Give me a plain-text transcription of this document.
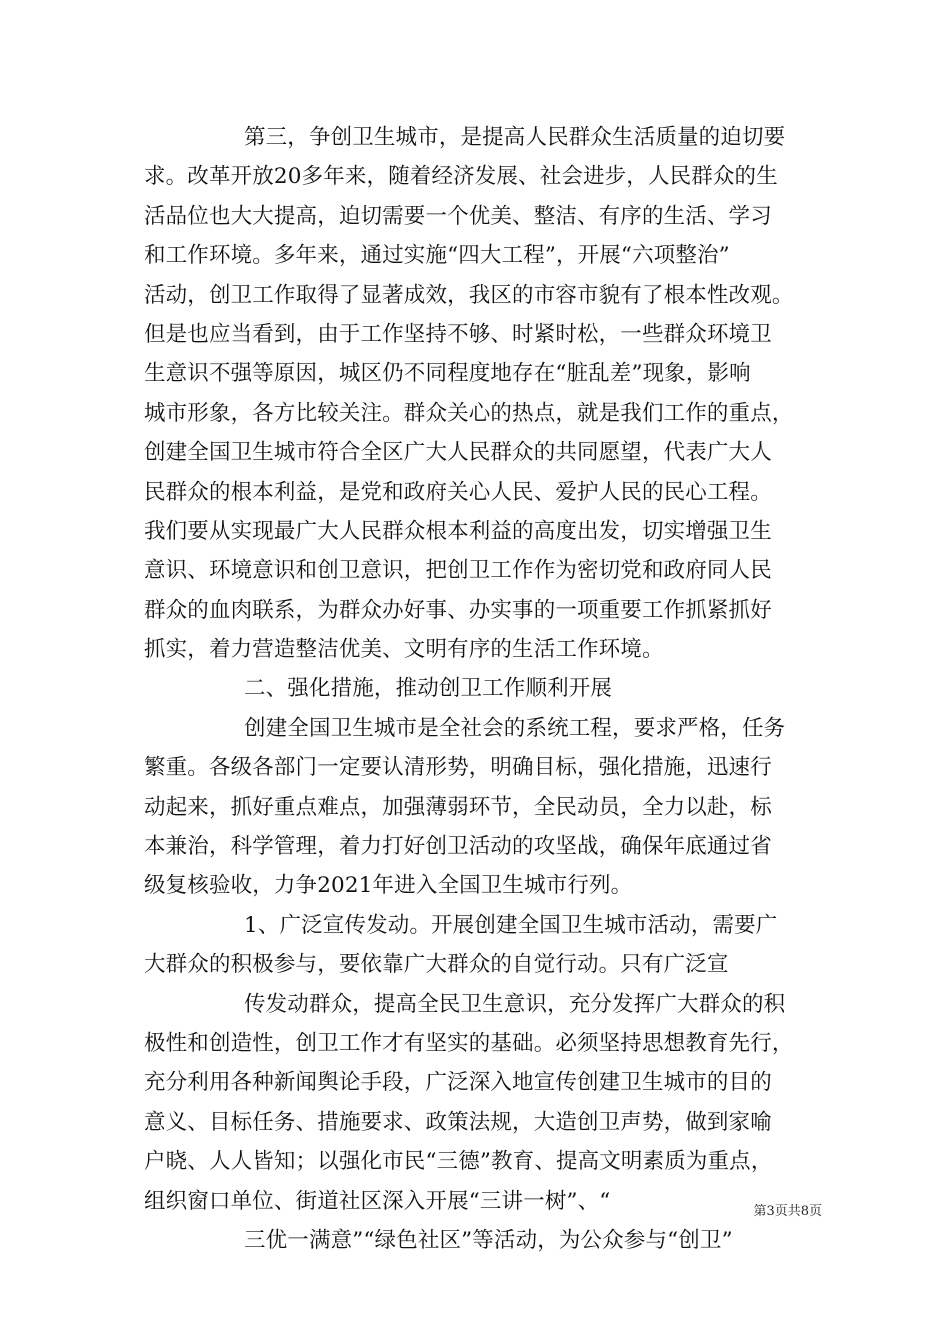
第三，争创卫生城市，是提高人民群众生活质量的迫切要
求。改革开放20多年来，随着经济发展、社会进步，人民群众的生
活品位也大大提高，迫切需要一个优美、整洁、有序的生活、学习
和工作环境。多年来，通过实施“四大工程”，开展“六项整治”
活动，创卫工作取得了显著成效，我区的市容市貌有了根本性改观。
但是也应当看到，由于工作坚持不够、时紧时松，一些群众环境卫
生意识不强等原因，城区仍不同程度地存在“脏乱差”现象，影响
城市形象，各方比较关注。群众关心的热点，就是我们工作的重点，
创建全国卫生城市符合全区广大人民群众的共同愿望，代表广大人
民群众的根本利益，是党和政府关心人民、爱护人民的民心工程。
我们要从实现最广大人民群众根本利益的高度出发，切实增强卫生
意识、环境意识和创卫意识，把创卫工作作为密切党和政府同人民
群众的血肉联系，为群众办好事、办实事的一项重要工作抓紧抓好
抓实，着力营造整洁优美、文明有序的生活工作环境。
二、强化措施，推动创卫工作顺利开展
创建全国卫生城市是全社会的系统工程，要求严格，任务
繁重。各级各部门一定要认清形势，明确目标，强化措施，迅速行
动起来，抓好重点难点，加强薄弱环节，全民动员，全力以赴，标
本兼治，科学管理，着力打好创卫活动的攻坚战，确保年底通过省
级复核验收，力争2021年进入全国卫生城市行列。
1、广泛宣传发动。开展创建全国卫生城市活动，需要广
大群众的积极参与，要依靠广大群众的自觉行动。只有广泛宣
传发动群众，提高全民卫生意识，充分发挥广大群众的积
极性和创造性，创卫工作才有坚实的基础。必须坚持思想教育先行，
充分利用各种新闻舆论手段，广泛深入地宣传创建卫生城市的目的
意义、目标任务、措施要求、政策法规，大造创卫声势，做到家喻
户晓、人人皆知；以强化市民“三德”教育、提高文明素质为重点，
组织窗口单位、街道社区深入开展“三讲一树”、“
三优一满意”“绿色社区”等活动，为公众参与“创卫”
第3页共8页
